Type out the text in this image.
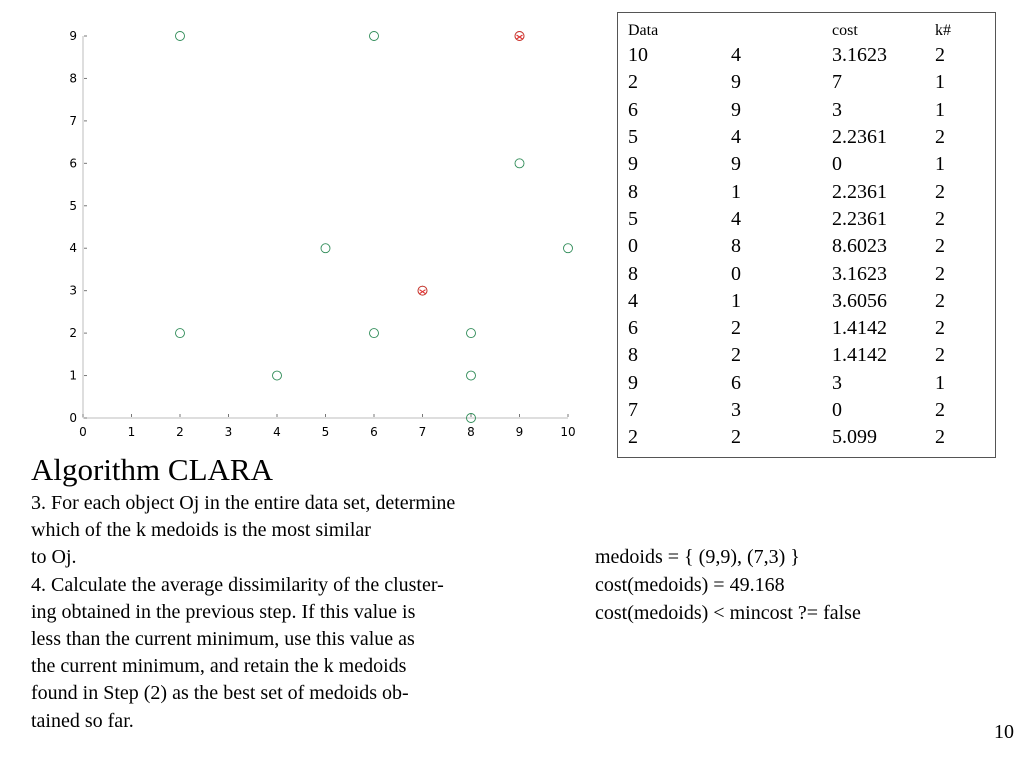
0	1	2	3	4	5	6	7	8	9	10
0
1
2
3
4
5
6
7
8
9	Data		cost	k#
10	4	3.1623	2
2	9	7	1
6	9	3	1
5	4	2.2361	2
9	9	0	1
8	1	2.2361	2
5	4	2.2361	2
0	8	8.6023	2
8	0	3.1623	2
4	1	3.6056	2
6	2	1.4142	2
8	2	1.4142	2
9	6	3	1
7	3	0	2
2	2	5.099	2
Algorithm CLARA
3. For each object Oj in the entire data set, determine
which of the k medoids is the most similar
to Oj.
4. Calculate the average dissimilarity of the cluster-
ing obtained in the previous step. If this value is
less than the current minimum, use this value as
the current minimum, and retain the k medoids
found in Step (2) as the best set of medoids ob-
tained so far.
medoids = { (9,9), (7,3) }
cost(medoids) = 49.168
cost(medoids) < mincost ?= false
10
